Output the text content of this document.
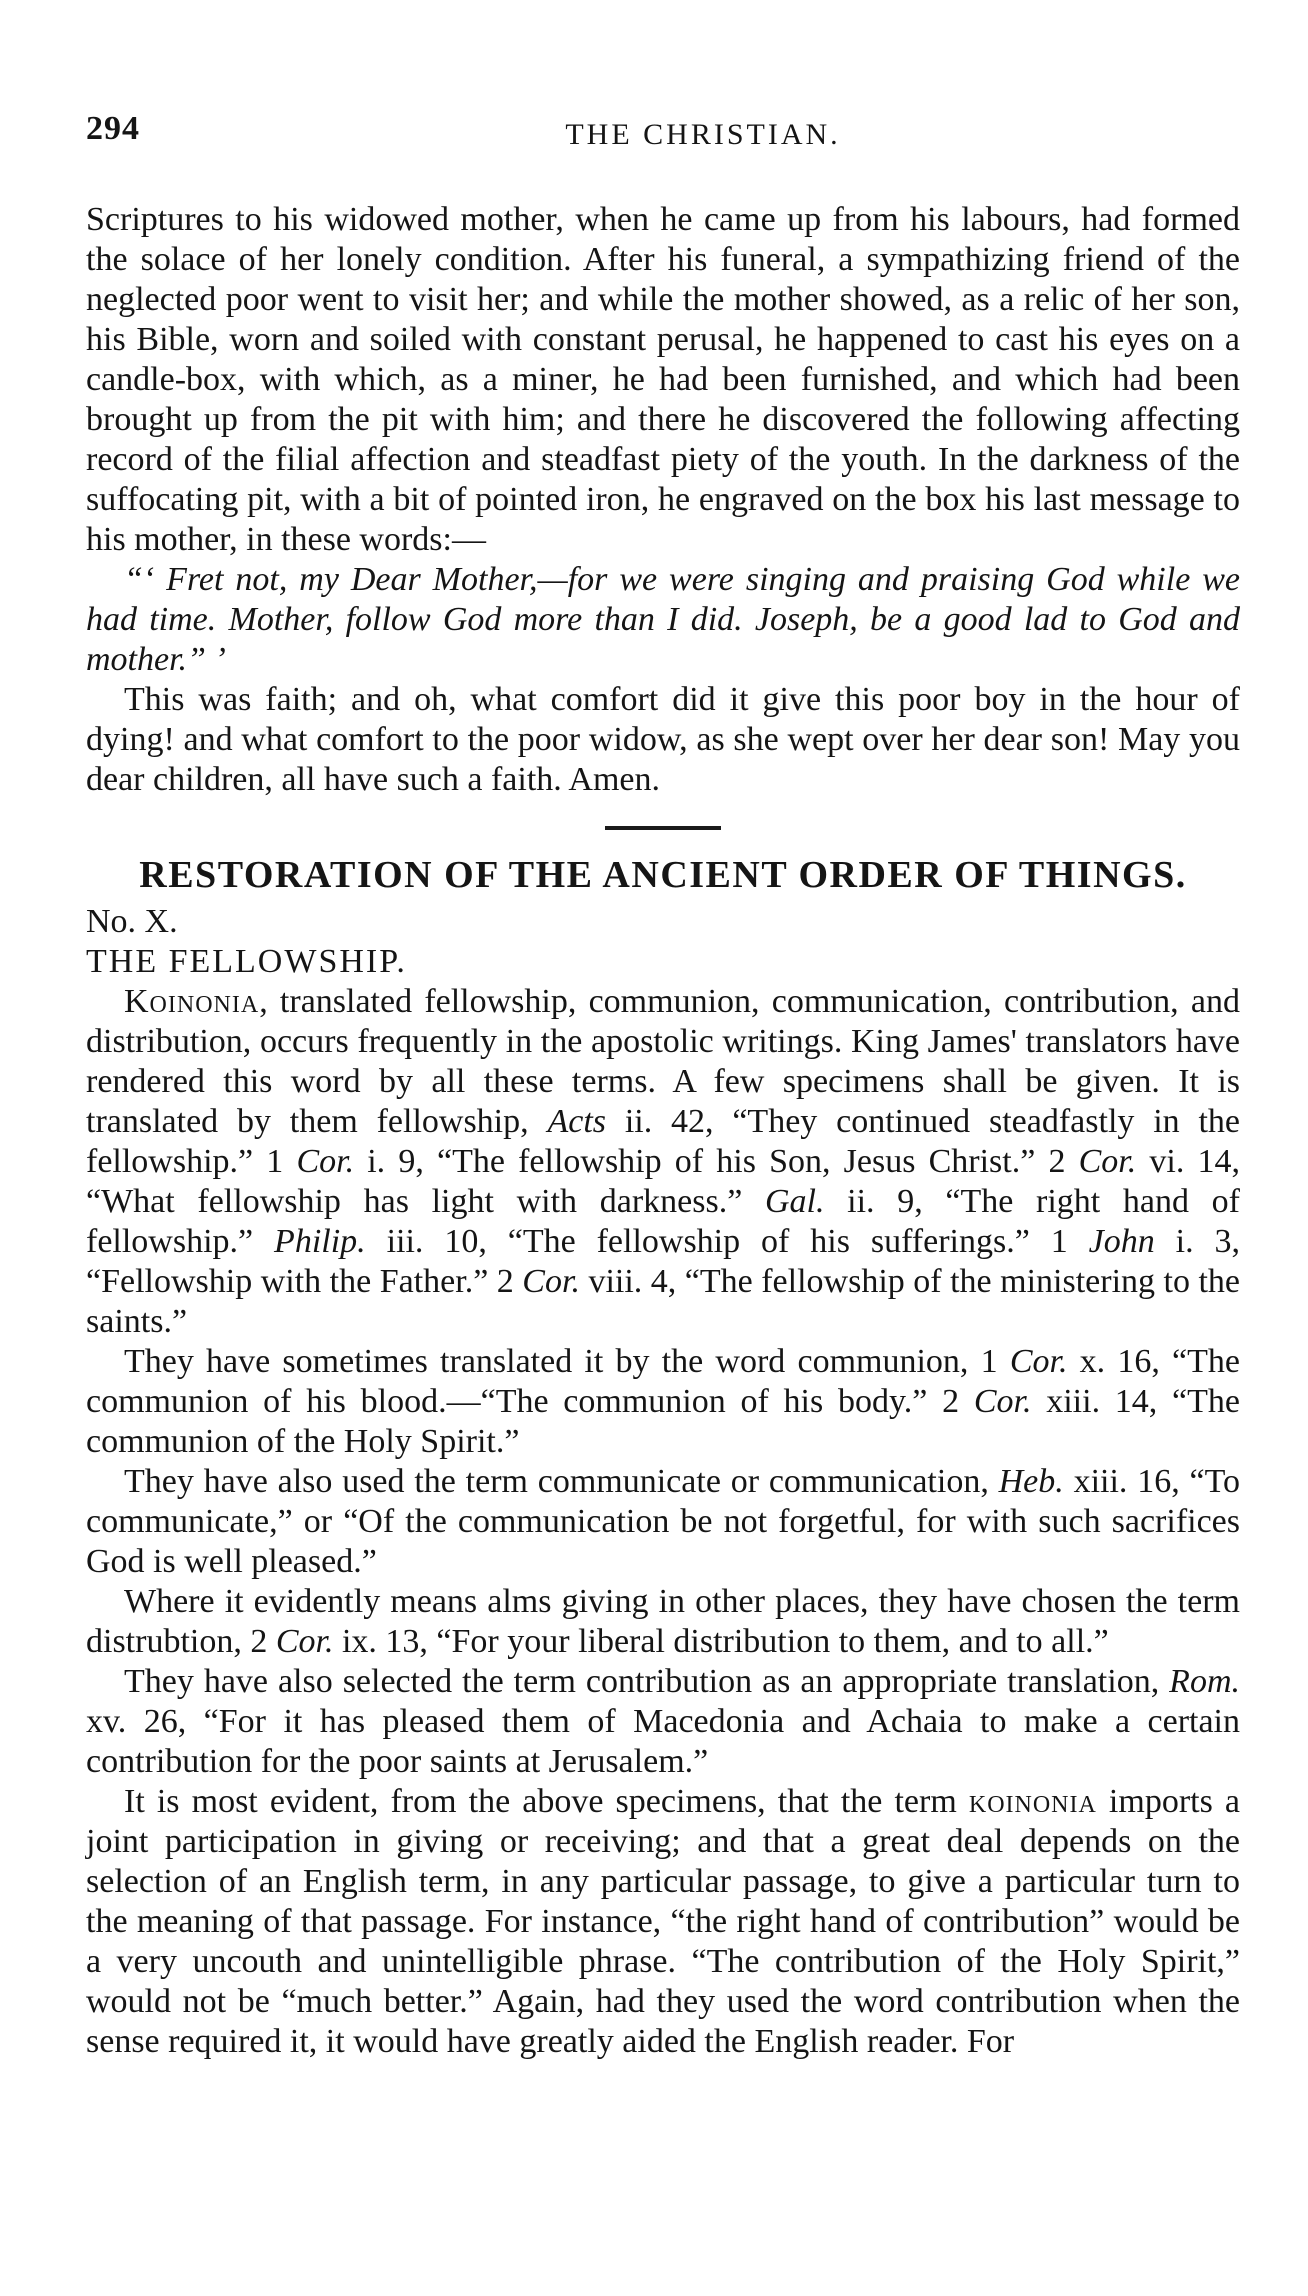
294	THE CHRISTIAN.

Scriptures to his widowed mother, when he came up from his labours, had formed the solace of her lonely condition. After his funeral, a sympathizing friend of the neglected poor went to visit her; and while the mother showed, as a relic of her son, his Bible, worn and soiled with constant perusal, he happened to cast his eyes on a candle-box, with which, as a miner, he had been furnished, and which had been brought up from the pit with him; and there he discovered the following affecting record of the filial affection and steadfast piety of the youth. In the darkness of the suffocating pit, with a bit of pointed iron, he engraved on the box his last message to his mother, in these words:—

“‘ Fret not, my Dear Mother,—for we were singing and praising God while we had time. Mother, follow God more than I did. Joseph, be a good lad to God and mother.” ’

This was faith; and oh, what comfort did it give this poor boy in the hour of dying! and what comfort to the poor widow, as she wept over her dear son! May you dear children, all have such a faith. Amen.

RESTORATION OF THE ANCIENT ORDER OF THINGS.

No. X.

THE FELLOWSHIP.

Koinonia, translated fellowship, communion, communication, contribution, and distribution, occurs frequently in the apostolic writings. King James' translators have rendered this word by all these terms. A few specimens shall be given. It is translated by them fellowship, Acts ii. 42, “They continued steadfastly in the fellowship.” 1 Cor. i. 9, “The fellowship of his Son, Jesus Christ.” 2 Cor. vi. 14, “What fellowship has light with darkness.” Gal. ii. 9, “The right hand of fellowship.” Philip. iii. 10, “The fellowship of his sufferings.” 1 John i. 3, “Fellowship with the Father.” 2 Cor. viii. 4, “The fellowship of the ministering to the saints.”

They have sometimes translated it by the word communion, 1 Cor. x. 16, “The communion of his blood.—“The communion of his body.” 2 Cor. xiii. 14, “The communion of the Holy Spirit.”

They have also used the term communicate or communication, Heb. xiii. 16, “To communicate,” or “Of the communication be not forgetful, for with such sacrifices God is well pleased.”

Where it evidently means alms giving in other places, they have chosen the term distrubtion, 2 Cor. ix. 13, “For your liberal distribution to them, and to all.”

They have also selected the term contribution as an appropriate translation, Rom. xv. 26, “For it has pleased them of Macedonia and Achaia to make a certain contribution for the poor saints at Jerusalem.”

It is most evident, from the above specimens, that the term koinonia imports a joint participation in giving or receiving; and that a great deal depends on the selection of an English term, in any particular passage, to give a particular turn to the meaning of that passage. For instance, “the right hand of contribution” would be a very uncouth and unintelligible phrase. “The contribution of the Holy Spirit,” would not be “much better.” Again, had they used the word contribution when the sense required it, it would have greatly aided the English reader. For
